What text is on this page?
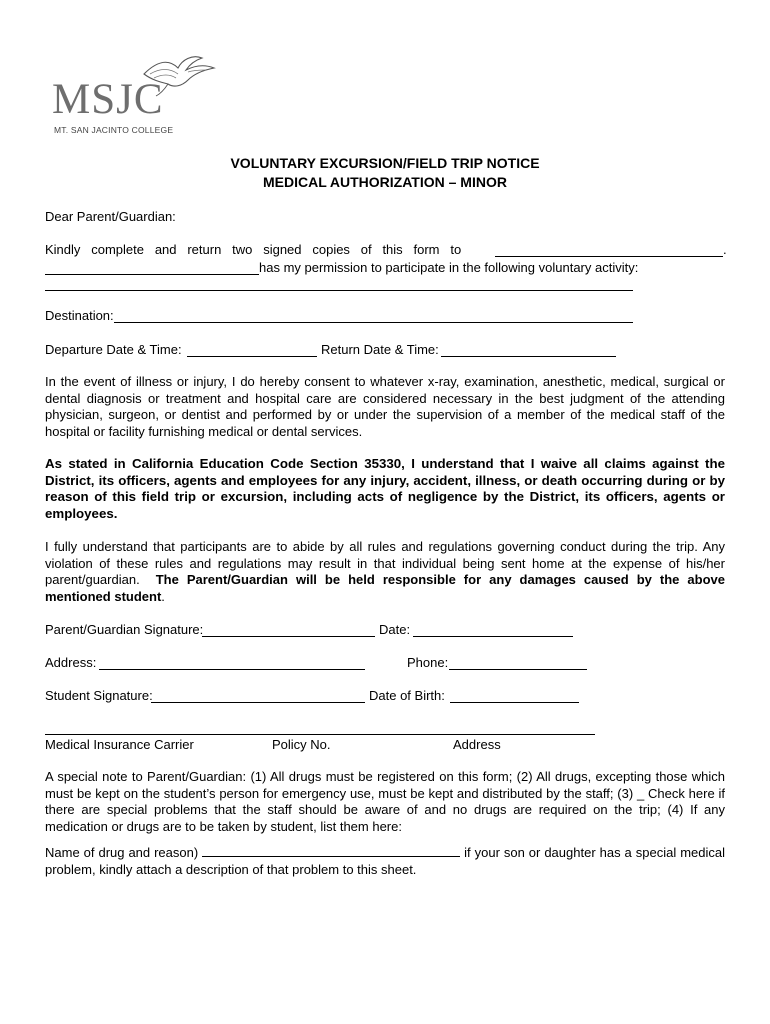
MSJC
MT. SAN JACINTO COLLEGE
VOLUNTARY EXCURSION/FIELD TRIP NOTICE
MEDICAL AUTHORIZATION – MINOR
Dear Parent/Guardian:
Kindly   complete   and   return   two   signed   copies   of   this   form   to	.
has my permission to participate in the following voluntary activity:
Destination:
Departure Date & Time:	Return Date & Time:
In the event of illness or injury, I do hereby consent to whatever x-ray, examination, anesthetic, medical, surgical or dental diagnosis or treatment and hospital care are considered necessary in the best judgment of the attending physician, surgeon, or dentist and performed by or under the supervision of a member of the medical staff of the hospital or facility furnishing medical or dental services.
As stated in California Education Code Section 35330, I understand that I waive all claims against the District, its officers, agents and employees for any injury, accident, illness, or death occurring during or by reason of this field trip or excursion, including acts of negligence by the District, its officers, agents or employees.
I fully understand that participants are to abide by all rules and regulations governing conduct during the trip. Any violation of these rules and regulations may result in that individual being sent home at the expense of his/her parent/guardian.  The Parent/Guardian will be held responsible for any damages caused by the above mentioned student.
Parent/Guardian Signature:	Date:
Address:	Phone:
Student Signature:	Date of Birth:
Medical Insurance Carrier	Policy No.	Address
A special note to Parent/Guardian: (1) All drugs must be registered on this form; (2) All drugs, excepting those which must be kept on the student’s person for emergency use, must be kept and distributed by the staff; (3) _ Check here if there are special problems that the staff should be aware of and no drugs are required on the trip; (4) If any medication or drugs are to be taken by student, list them here:
Name of drug and reason)	if your son or daughter has a special medical problem, kindly attach a description of that problem to this sheet.
